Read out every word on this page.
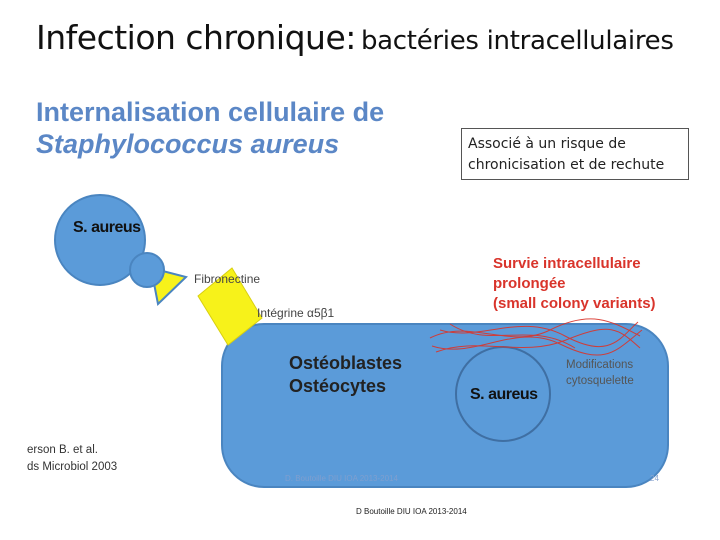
Infection chronique: bactéries intracellulaires
Internalisation cellulaire de
Staphylococcus aureus	Associé à un risque de chronicisation et de rechute
Survie intracellulaire
prolongée
(small colony variants)
S. aureus
S. aureus
Fibronectine
Intégrine α5β1
Ostéoblastes
Ostéocytes
Modifications
cytosquelette
erson B. et al.
ds Microbiol 2003
D. Boutoille DIU IOA 2013-2014	24
D Boutoille DIU IOA 2013-2014
